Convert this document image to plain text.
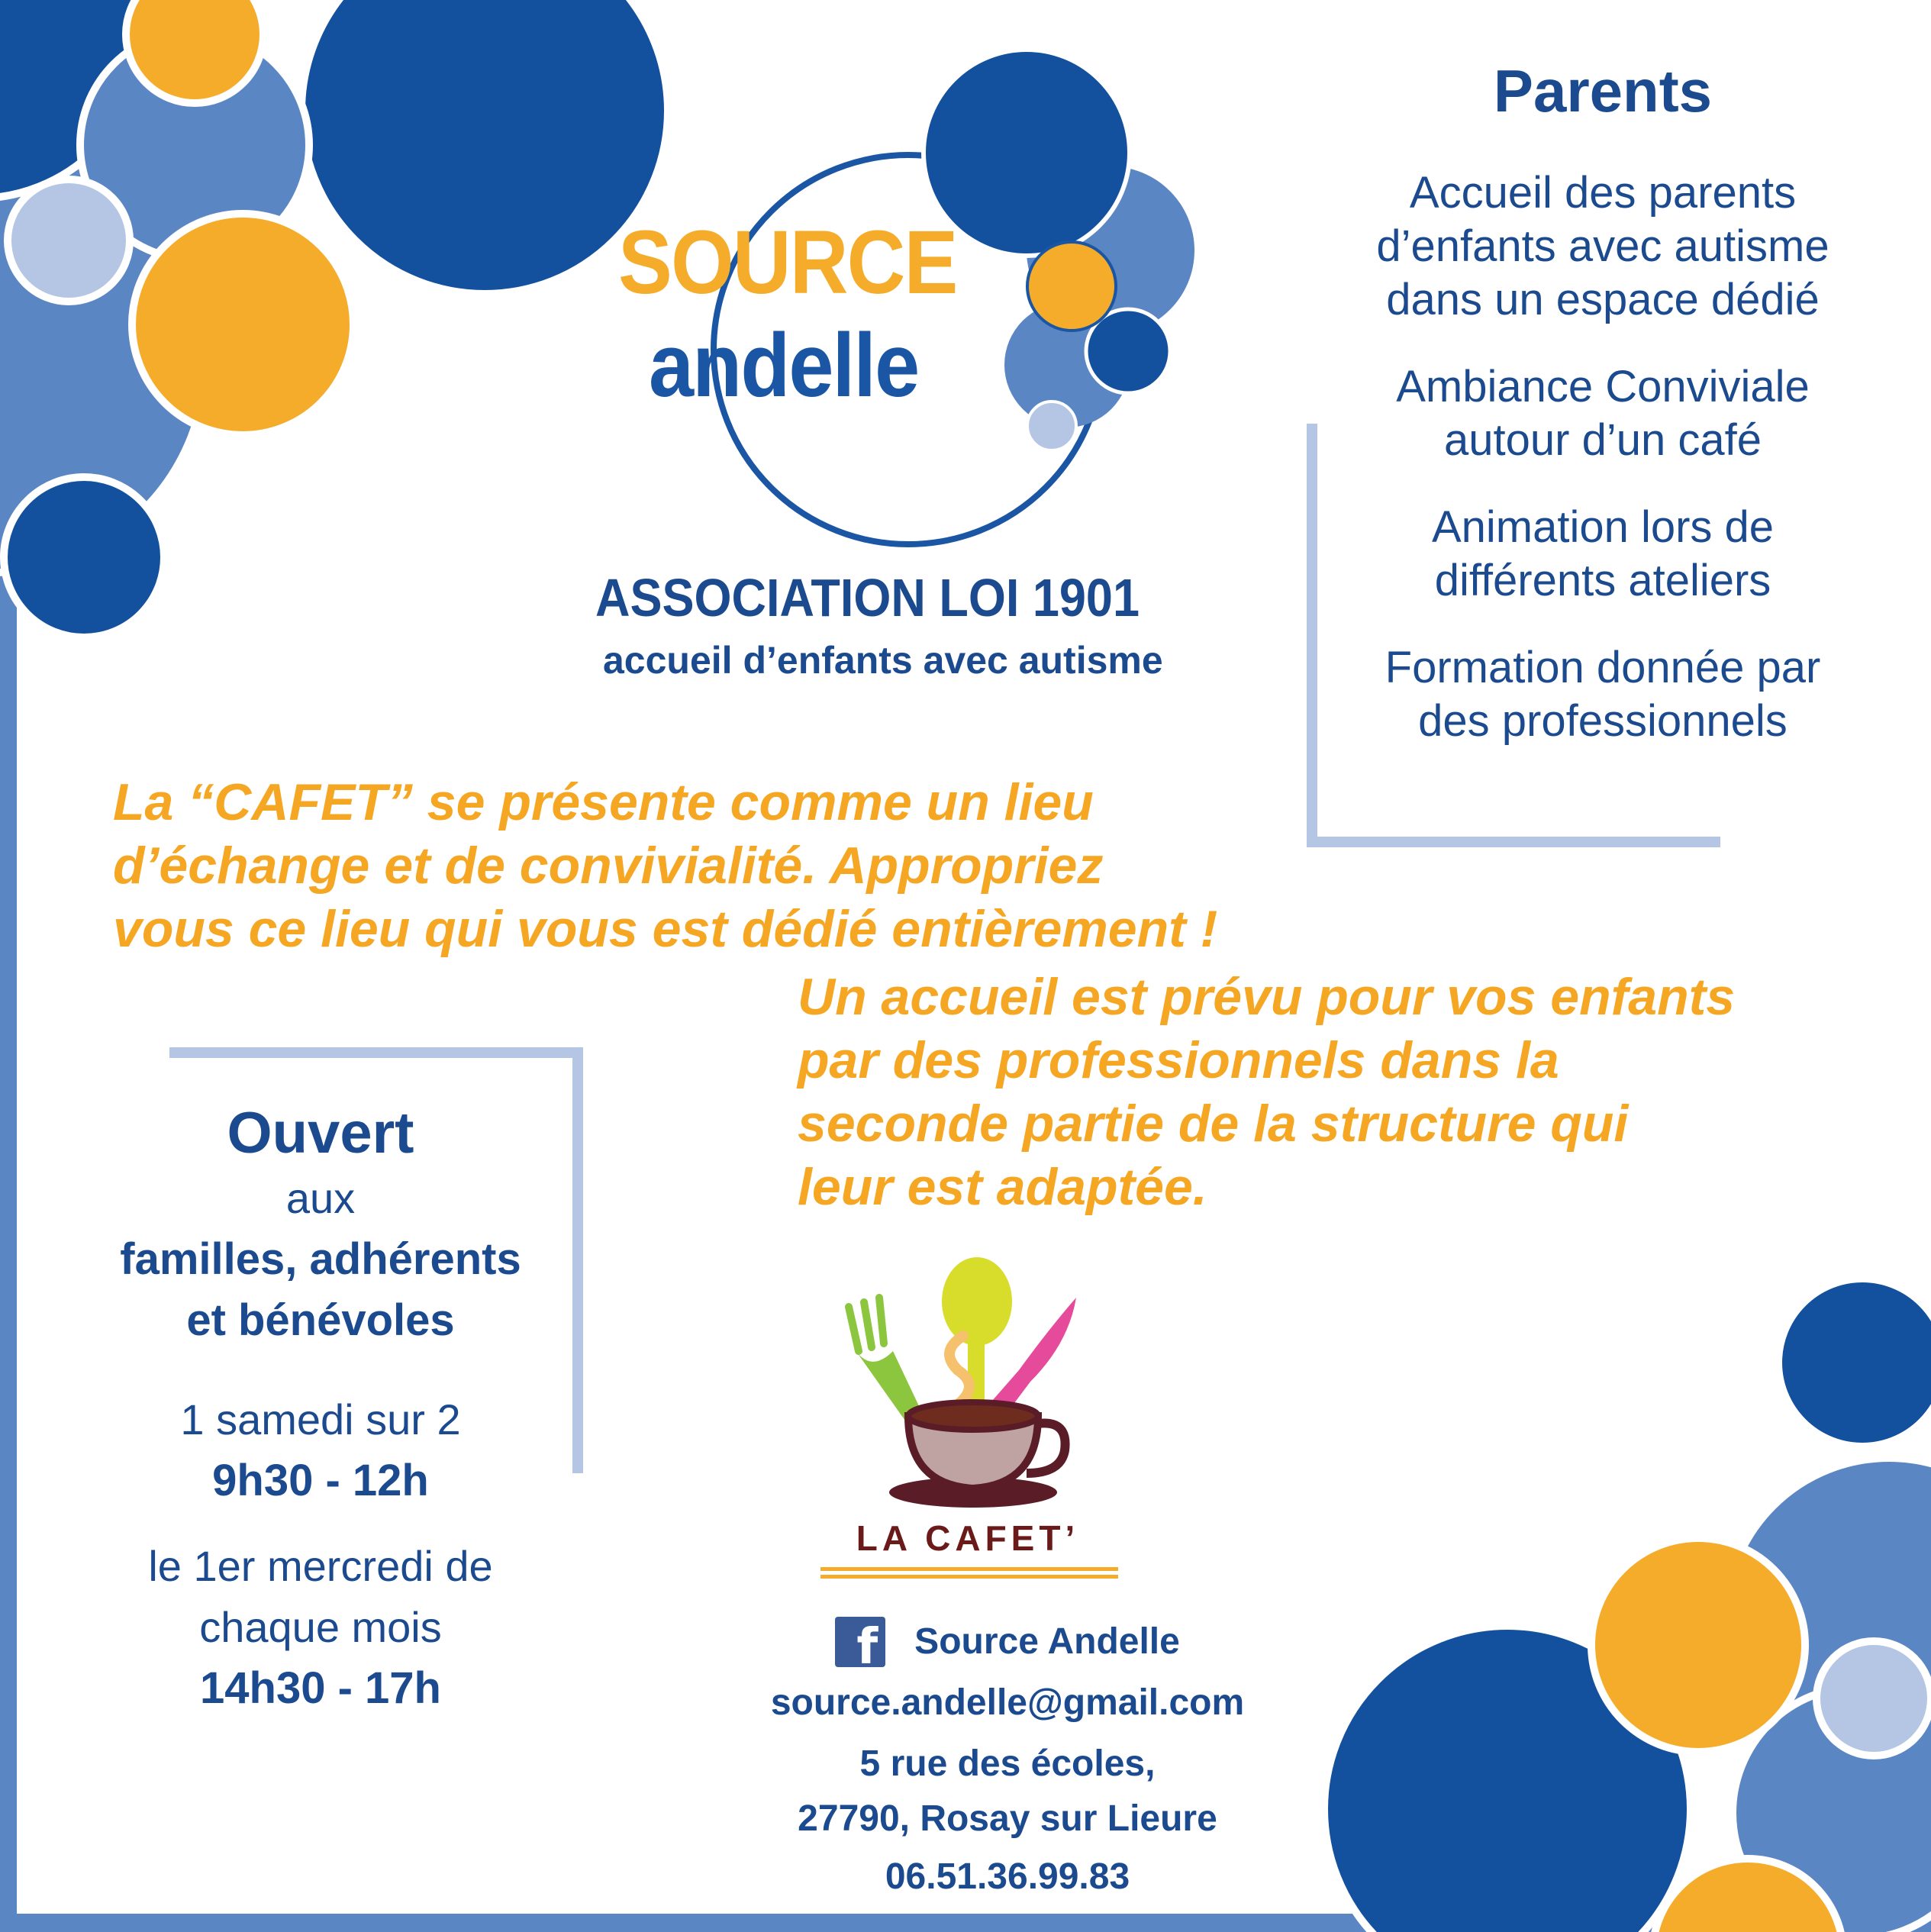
SOURCE
andelle
ASSOCIATION LOI 1901
accueil d’enfants avec autisme
Parents
Accueil des parents
d’enfants avec autisme
dans un espace dédié
Ambiance Conviviale
autour d’un café
Animation lors de
différents ateliers
Formation donnée par
des professionnels
La “CAFET” se présente comme un lieu
d’échange et de convivialité. Appropriez
vous ce lieu qui vous est dédié entièrement !
Un accueil est prévu pour vos enfants
par des professionnels dans la
seconde partie de la structure qui
leur est adaptée.
Ouvert
aux
familles, adhérents
et bénévoles
1 samedi sur 2
9h30 - 12h
le 1er mercredi de
chaque mois
14h30 - 17h
LA CAFET’
f Source Andelle
source.andelle@gmail.com
5 rue des écoles,
27790, Rosay sur Lieure
06.51.36.99.83
